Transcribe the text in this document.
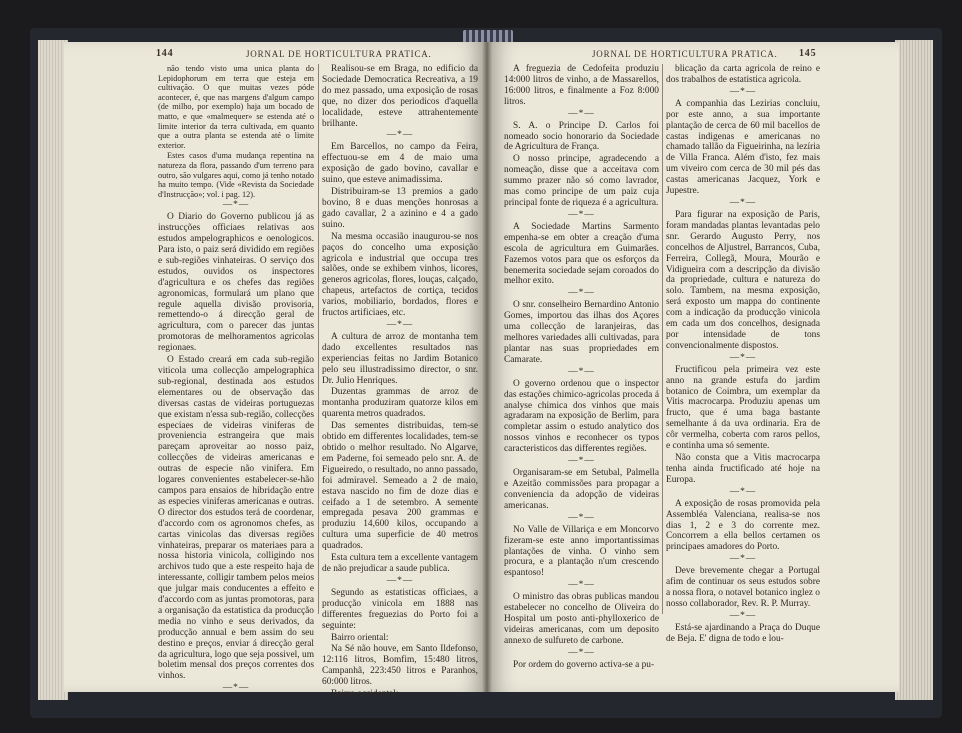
144	JORNAL DE HORTICULTURA PRATICA.	JORNAL DE HORTICULTURA PRATICA. 145

não tendo visto uma unica planta do Lepidophorum em terra que esteja em cultivação. O que muitas vezes póde acontecer, é, que nas margens d'algum campo (de milho, por exemplo) haja um bocado de matto, e que «malmequer» se estenda até o limite interior da terra cultivada, em quanto que a outra planta se estenda até o limite exterior.

Estes casos d'uma mudança repentina na natureza da flora, passando d'um terreno para outro, são vulgares aqui, como já tenho notado ha muito tempo. (Vide «Revista da Sociedade d'Instrucção»; vol. i pag. 12).

—*—

O Diario do Governo publicou já as instrucções officiaes relativas aos estudos ampelographicos e oenologicos. Para isto, o paiz será dividido em regiões e sub-regiões vinhateiras. O serviço dos estudos, ouvidos os inspectores d'agricultura e os chefes das regiões agronomicas, formulará um plano que regule aquella divisão provisoria, remettendo-o á direcção geral de agricultura, com o parecer das juntas promotoras de melhoramentos agricolas regionaes.

O Estado creará em cada sub-região viticola uma collecção ampelographica sub-regional, destinada aos estudos elementares ou de observação das diversas castas de videiras portuguezas que existam n'essa sub-região, collecções especiaes de videiras viniferas de proveniencia estrangeira que mais pareçam aproveitar ao nosso paiz, collecções de videiras americanas e outras de especie não vinifera. Em logares convenientes estabelecer-se-hão campos para ensaios de hibridação entre as especies viniferas americanas e outras. O director dos estudos terá de coordenar, d'accordo com os agronomos chefes, as cartas vinicolas das diversas regiões vinhateiras, preparar os materiaes para a nossa historia vinicola, colligindo nos archivos tudo que a este respeito haja de interessante, colligir tambem pelos meios que julgar mais conducentes a effeito e d'accordo com as juntas promotoras, para a organisação da estatistica da producção media no vinho e seus derivados, da producção annual e bem assim do seu destino e preços, enviar á direcção geral da agricultura, logo que seja possivel, um boletim mensal dos preços correntes dos vinhos.

—*—

Realisou-se em Braga, no edificio da Sociedade Democratica Recreativa, a 19 do mez passado, uma exposição de rosas que, no dizer dos periodicos d'aquella localidade, esteve attrahentemente brilhante.

—*—

Em Barcellos, no campo da Feira, effectuou-se em 4 de maio uma exposição de gado bovino, cavallar e suino, que esteve animadissima.

Distribuiram-se 13 premios a gado bovino, 8 e duas menções honrosas a gado cavallar, 2 a azinino e 4 a gado suino.

Na mesma occasião inaugurou-se nos paços do concelho uma exposição agricola e industrial que occupa tres salões, onde se exhibem vinhos, licores, generos agricolas, flores, louças, calçado, chapeus, artefactos de cortiça, tecidos varios, mobiliario, bordados, flores e fructos artificiaes, etc.

—*—

A cultura de arroz de montanha tem dado excellentes resultados nas experiencias feitas no Jardim Botanico pelo seu illustradissimo director, o snr. Dr. Julio Henriques.

Duzentas grammas de arroz de montanha produziram quatorze kilos em quarenta metros quadrados.

Das sementes distribuidas, tem-se obtido em differentes localidades, tem-se obtido o melhor resultado. No Algarve, em Paderne, foi semeado pelo snr. A. de Figueiredo, o resultado, no anno passado, foi admiravel. Semeado a 2 de maio, estava nascido no fim de doze dias e ceifado a 1 de setembro. A semente empregada pesava 200 grammas e produziu 14,600 kilos, occupando a cultura uma superficie de 40 metros quadrados.

Esta cultura tem a excellente vantagem de não prejudicar a saude publica.

—*—

Segundo as estatisticas officiaes, a producção vinicola em 1888 nas differentes freguezias do Porto foi a seguinte:

Bairro oriental:

Na Sé não houve, em Santo Ildefonso, 12:116 litros, Bomfim, 15:480 litros, Campanhã, 223:450 litros e Paranhos, 60:000 litros.

Bairro occidental:

A freguezia de Cedofeita produziu 14:000 litros de vinho, a de Massarellos, 16:000 litros, e finalmente a Foz 8:000 litros.

—*—

S. A. o Principe D. Carlos foi nomeado socio honorario da Sociedade de Agricultura de França.

O nosso principe, agradecendo a nomeação, disse que a acceitava com summo prazer não só como lavrador, mas como principe de um paiz cuja principal fonte de riqueza é a agricultura.

—*—

A Sociedade Martins Sarmento empenha-se em obter a creação d'uma escola de agricultura em Guimarães. Fazemos votos para que os esforços da benemerita sociedade sejam coroados do melhor exito.

—*—

O snr. conselheiro Bernardino Antonio Gomes, importou das ilhas dos Açores uma collecção de laranjeiras, das melhores variedades alli cultivadas, para plantar nas suas propriedades em Camarate.

—*—

O governo ordenou que o inspector das estações chimico-agricolas proceda á analyse chimica dos vinhos que mais agradaram na exposição de Berlim, para completar assim o estudo analytico dos nossos vinhos e reconhecer os typos caracteristicos das differentes regiões.

—*—

Organisaram-se em Setubal, Palmella e Azeitão commissões para propagar a conveniencia da adopção de videiras americanas.

—*—

No Valle de Villariça e em Moncorvo fizeram-se este anno importantissimas plantações de vinha. O vinho sem procura, e a plantação n'um crescendo espantoso!

—*—

O ministro das obras publicas mandou estabelecer no concelho de Oliveira do Hospital um posto anti-phylloxerico de videiras americanas, com um deposito annexo de sulfureto de carbone.

—*—

Por ordem do governo activa-se a pu-

blicação da carta agricola de reino e dos trabalhos de estatistica agricola.

—*—

A companhia das Lezirias concluiu, por este anno, a sua importante plantação de cerca de 60 mil bacellos de castas indigenas e americanas no chamado tallão da Figueirinha, na lezíria de Villa Franca. Além d'isto, fez mais um viveiro com cerca de 30 mil pés das castas americanas Jacquez, York e Jupestre.

—*—

Para figurar na exposição de Paris, foram mandadas plantas levantadas pelo snr. Gerardo Augusto Perry, nos concelhos de Aljustrel, Barrancos, Cuba, Ferreira, Collegã, Moura, Mourão e Vidigueira com a descripção da divisão da propriedade, cultura e natureza do solo. Tambem, na mesma exposição, será exposto um mappa do continente com a indicação da producção vinicola em cada um dos concelhos, designada por intensidade de tons convencionalmente dispostos.

—*—

Fructificou pela primeira vez este anno na grande estufa do jardim botanico de Coimbra, um exemplar da Vitis macrocarpa. Produziu apenas um fructo, que é uma baga bastante semelhante á da uva ordinaria. Era de côr vermelha, coberta com raros pellos, e continha uma só semente.

Não consta que a Vitis macrocarpa tenha ainda fructificado até hoje na Europa.

—*—

A exposição de rosas promovida pela Assembléa Valenciana, realisa-se nos dias 1, 2 e 3 do corrente mez. Concorrem a ella bellos certamen os principaes amadores do Porto.

—*—

Deve brevemente chegar a Portugal afim de continuar os seus estudos sobre a nossa flora, o notavel botanico inglez o nosso collaborador, Rev. R. P. Murray.

—*—

Está-se ajardinando a Praça do Duque de Beja. E' digna de todo e lou-
